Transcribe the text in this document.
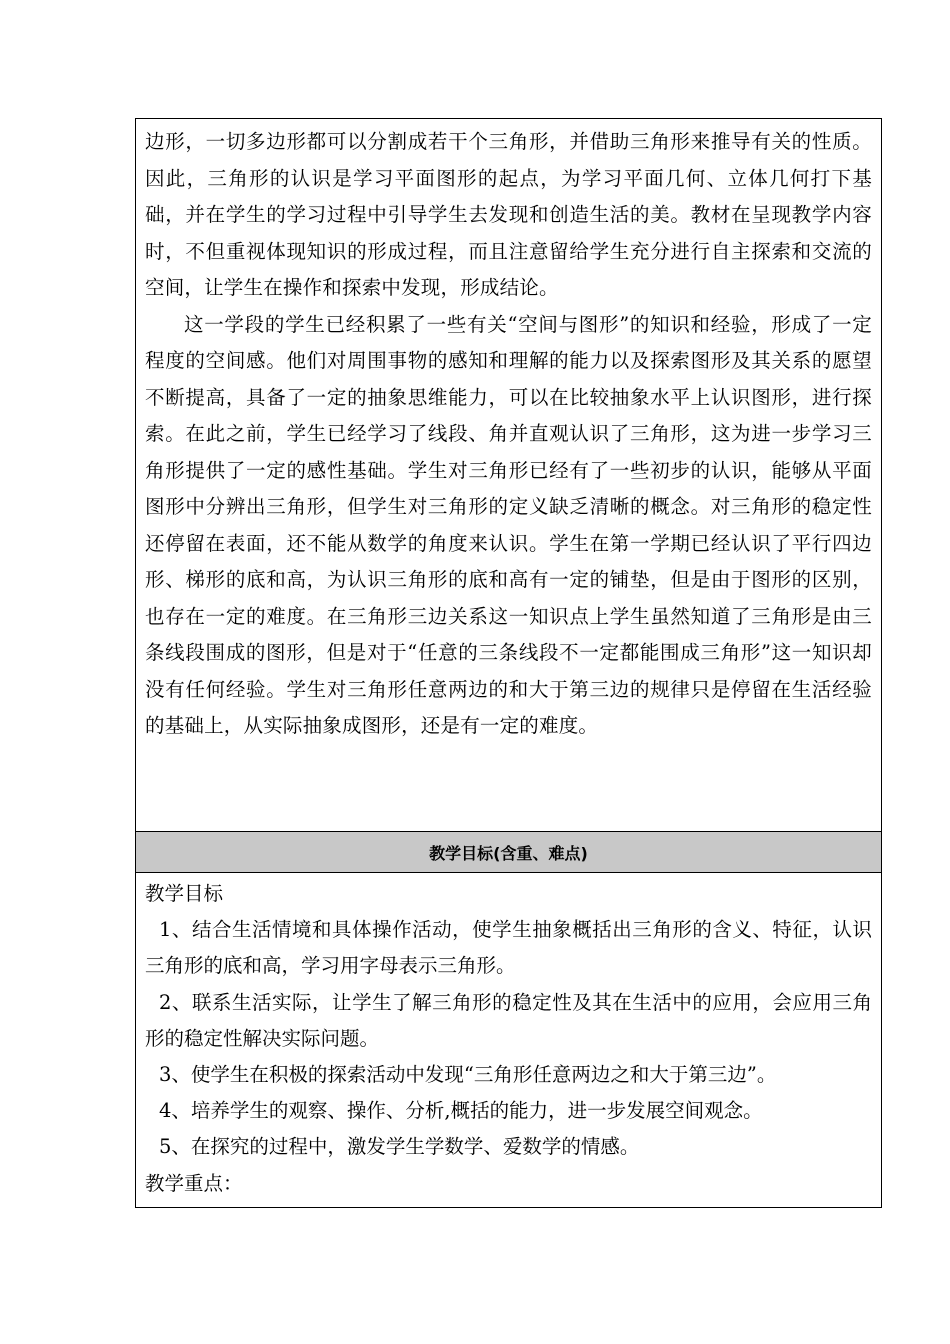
边形，一切多边形都可以分割成若干个三角形，并借助三角形来推导有关的性质。因此，三角形的认识是学习平面图形的起点，为学习平面几何、立体几何打下基础，并在学生的学习过程中引导学生去发现和创造生活的美。教材在呈现教学内容时，不但重视体现知识的形成过程，而且注意留给学生充分进行自主探索和交流的空间，让学生在操作和探索中发现，形成结论。

这一学段的学生已经积累了一些有关“空间与图形”的知识和经验，形成了一定程度的空间感。他们对周围事物的感知和理解的能力以及探索图形及其关系的愿望不断提高，具备了一定的抽象思维能力，可以在比较抽象水平上认识图形，进行探索。在此之前，学生已经学习了线段、角并直观认识了三角形，这为进一步学习三角形提供了一定的感性基础。学生对三角形已经有了一些初步的认识，能够从平面图形中分辨出三角形，但学生对三角形的定义缺乏清晰的概念。对三角形的稳定性还停留在表面，还不能从数学的角度来认识。学生在第一学期已经认识了平行四边形、梯形的底和高，为认识三角形的底和高有一定的铺垫，但是由于图形的区别，也存在一定的难度。在三角形三边关系这一知识点上学生虽然知道了三角形是由三条线段围成的图形，但是对于“任意的三条线段不一定都能围成三角形”这一知识却没有任何经验。学生对三角形任意两边的和大于第三边的规律只是停留在生活经验的基础上，从实际抽象成图形，还是有一定的难度。

教学目标(含重、难点)

教学目标

1、结合生活情境和具体操作活动，使学生抽象概括出三角形的含义、特征，认识三角形的底和高，学习用字母表示三角形。

2、联系生活实际，让学生了解三角形的稳定性及其在生活中的应用，会应用三角形的稳定性解决实际问题。

3、使学生在积极的探索活动中发现“三角形任意两边之和大于第三边”。

4、培养学生的观察、操作、分析,概括的能力，进一步发展空间观念。

5、在探究的过程中，激发学生学数学、爱数学的情感。

教学重点：
